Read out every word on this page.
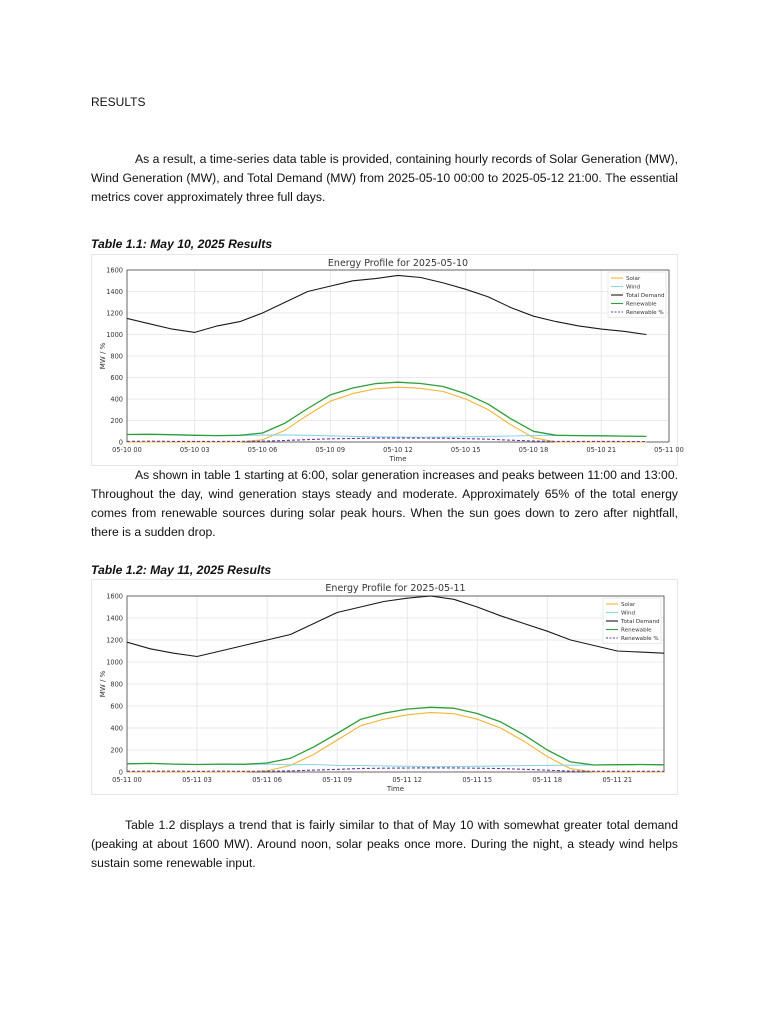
RESULTS

As a result, a time-series data table is provided, containing hourly records of Solar Generation (MW), Wind Generation (MW), and Total Demand (MW) from 2025-05-10 00:00 to 2025-05-12 21:00. The essential metrics cover approximately three full days.

Table 1.1: May 10, 2025 Results
Energy Profile for 2025-05-10
0
200
400
600
800
1000
1200
1400
1600
05-10 00	05-10 03	05-10 06	05-10 09	05-10 12	05-10 15	05-10 18	05-10 21	05-11 00
Time
MW / %
Solar
Wind
Total Demand
Renewable
Renewable %

As shown in table 1 starting at 6:00, solar generation increases and peaks between 11:00 and 13:00. Throughout the day, wind generation stays steady and moderate. Approximately 65% of the total energy comes from renewable sources during solar peak hours. When the sun goes down to zero after nightfall, there is a sudden drop.

Table 1.2: May 11, 2025 Results
Energy Profile for 2025-05-11
0
200
400
600
800
1000
1200
1400
1600
05-11 00	05-11 03	05-11 06	05-11 09	05-11 12	05-11 15	05-11 18	05-11 21
Time
MW / %
Solar
Wind
Total Demand
Renewable
Renewable %

Table 1.2 displays a trend that is fairly similar to that of May 10 with somewhat greater total demand (peaking at about 1600 MW). Around noon, solar peaks once more. During the night, a steady wind helps sustain some renewable input.
